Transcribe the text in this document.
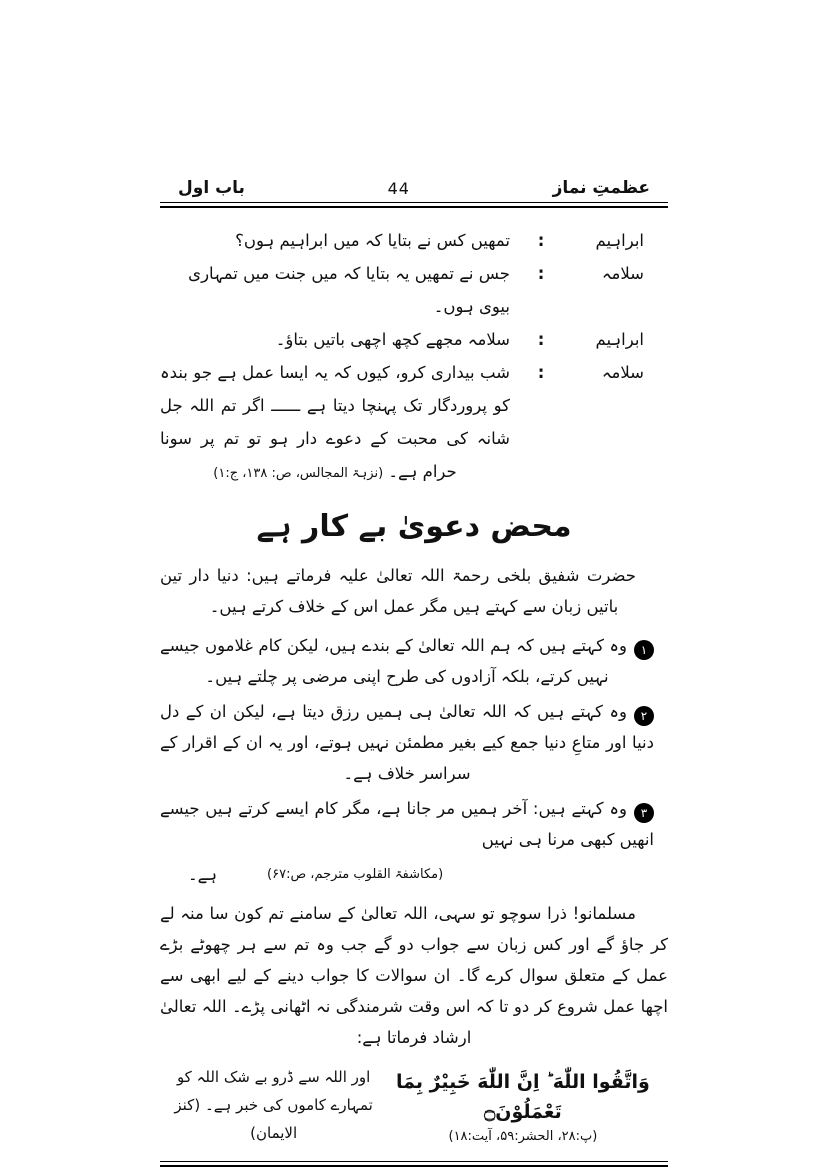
عظمتِ نماز
44
باب اول
ابراہیم
:
تمھیں کس نے بتایا کہ میں ابراہیم ہوں؟
سلامہ
:
جس نے تمھیں یہ بتایا کہ میں جنت میں تمہاری بیوی ہوں۔
ابراہیم
:
سلامہ مجھے کچھ اچھی باتیں بتاؤ۔
سلامہ
:
شب بیداری کرو، کیوں کہ یہ ایسا عمل ہے جو بندہ کو پروردگار تک پہنچا دیتا ہے ــــــ اگر تم اللہ جل شانہ کی محبت کے دعوے دار ہو تو تم پر سونا حرام ہے۔ (نزہۃ المجالس، ص: ۱۳۸، ج:۱)
محض دعویٰ بے کار ہے

حضرت شفیق بلخی رحمۃ اللہ تعالیٰ علیہ فرماتے ہیں: دنیا دار تین باتیں زبان سے کہتے ہیں مگر عمل اس کے خلاف کرتے ہیں۔

۱وہ کہتے ہیں کہ ہم اللہ تعالیٰ کے بندے ہیں، لیکن کام غلاموں جیسے نہیں کرتے، بلکہ آزادوں کی طرح اپنی مرضی پر چلتے ہیں۔
۲وہ کہتے ہیں کہ اللہ تعالیٰ ہی ہمیں رزق دیتا ہے، لیکن ان کے دل دنیا اور متاعِ دنیا جمع کیے بغیر مطمئن نہیں ہوتے، اور یہ ان کے اقرار کے سراسر خلاف ہے۔
۳وہ کہتے ہیں: آخر ہمیں مر جانا ہے، مگر کام ایسے کرتے ہیں جیسے انھیں کبھی مرنا ہی نہیں
ہے۔	(مکاشفۃ القلوب مترجم، ص:۶۷)

مسلمانو! ذرا سوچو تو سہی، اللہ تعالیٰ کے سامنے تم کون سا منہ لے کر جاؤ گے اور کس زبان سے جواب دو گے جب وہ تم سے ہر چھوٹے بڑے عمل کے متعلق سوال کرے گا۔ ان سوالات کا جواب دینے کے لیے ابھی سے اچھا عمل شروع کر دو تا کہ اس وقت شرمندگی نہ اٹھانی پڑے۔ اللہ تعالیٰ ارشاد فرماتا ہے:

وَاتَّقُوا اللّٰهَ ؕ اِنَّ اللّٰهَ خَبِيْرٌ بِمَا تَعْمَلُوْنَ۝
(پ:۲۸، الحشر:۵۹، آیت:۱۸)
اور اللہ سے ڈرو بے شک اللہ کو تمہارے کاموں کی خبر ہے۔ (کنز الایمان)
